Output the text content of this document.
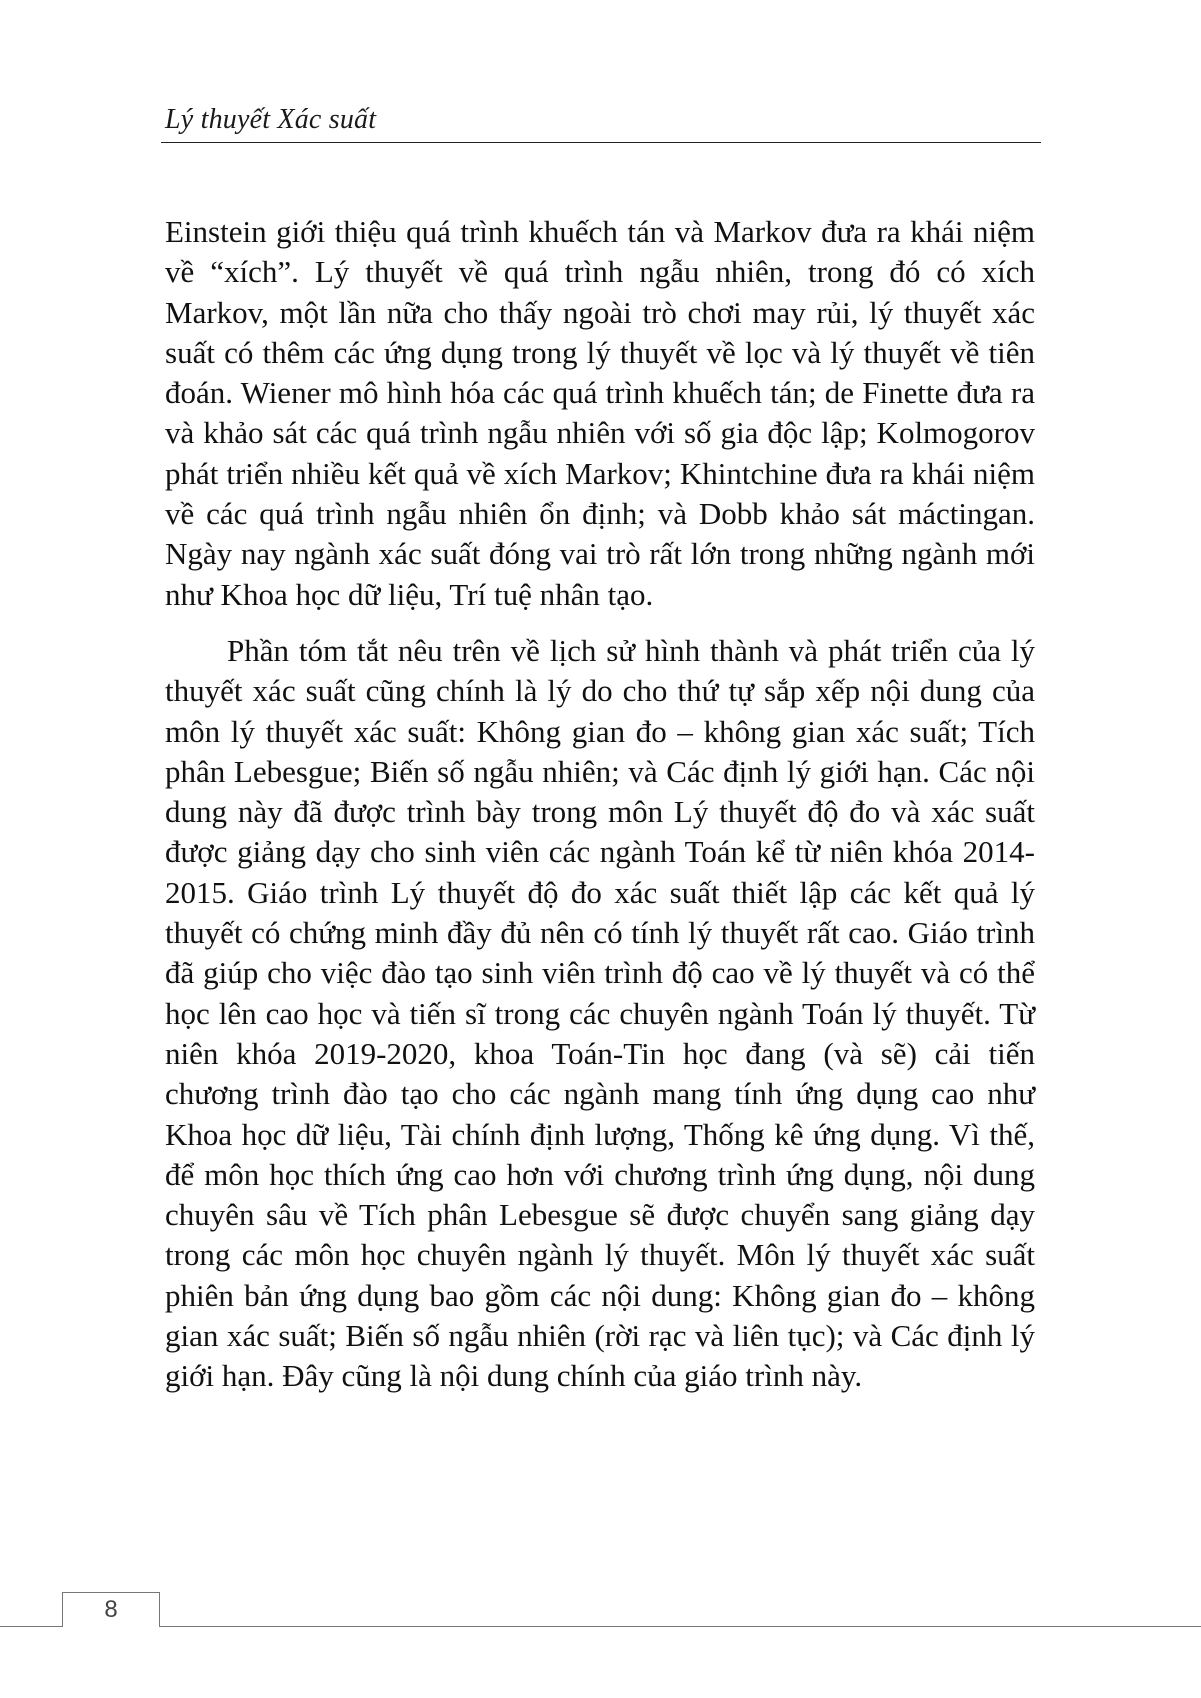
Lý thuyết Xác suất

Einstein giới thiệu quá trình khuếch tán và Markov đưa ra khái niệm về “xích”. Lý thuyết về quá trình ngẫu nhiên, trong đó có xích Markov, một lần nữa cho thấy ngoài trò chơi may rủi, lý thuyết xác suất có thêm các ứng dụng trong lý thuyết về lọc và lý thuyết về tiên đoán. Wiener mô hình hóa các quá trình khuếch tán; de Finette đưa ra và khảo sát các quá trình ngẫu nhiên với số gia độc lập; Kolmogorov phát triển nhiều kết quả về xích Markov; Khintchine đưa ra khái niệm về các quá trình ngẫu nhiên ổn định; và Dobb khảo sát máctingan. Ngày nay ngành xác suất đóng vai trò rất lớn trong những ngành mới như Khoa học dữ liệu, Trí tuệ nhân tạo.

Phần tóm tắt nêu trên về lịch sử hình thành và phát triển của lý thuyết xác suất cũng chính là lý do cho thứ tự sắp xếp nội dung của môn lý thuyết xác suất: Không gian đo – không gian xác suất; Tích phân Lebesgue; Biến số ngẫu nhiên; và Các định lý giới hạn. Các nội dung này đã được trình bày trong môn Lý thuyết độ đo và xác suất được giảng dạy cho sinh viên các ngành Toán kể từ niên khóa 2014-2015. Giáo trình Lý thuyết độ đo xác suất thiết lập các kết quả lý thuyết có chứng minh đầy đủ nên có tính lý thuyết rất cao. Giáo trình đã giúp cho việc đào tạo sinh viên trình độ cao về lý thuyết và có thể học lên cao học và tiến sĩ trong các chuyên ngành Toán lý thuyết. Từ niên khóa 2019-2020, khoa Toán-Tin học đang (và sẽ) cải tiến chương trình đào tạo cho các ngành mang tính ứng dụng cao như Khoa học dữ liệu, Tài chính định lượng, Thống kê ứng dụng. Vì thế, để môn học thích ứng cao hơn với chương trình ứng dụng, nội dung chuyên sâu về Tích phân Lebesgue sẽ được chuyển sang giảng dạy trong các môn học chuyên ngành lý thuyết. Môn lý thuyết xác suất phiên bản ứng dụng bao gồm các nội dung: Không gian đo – không gian xác suất; Biến số ngẫu nhiên (rời rạc và liên tục); và Các định lý giới hạn. Đây cũng là nội dung chính của giáo trình này.

8
